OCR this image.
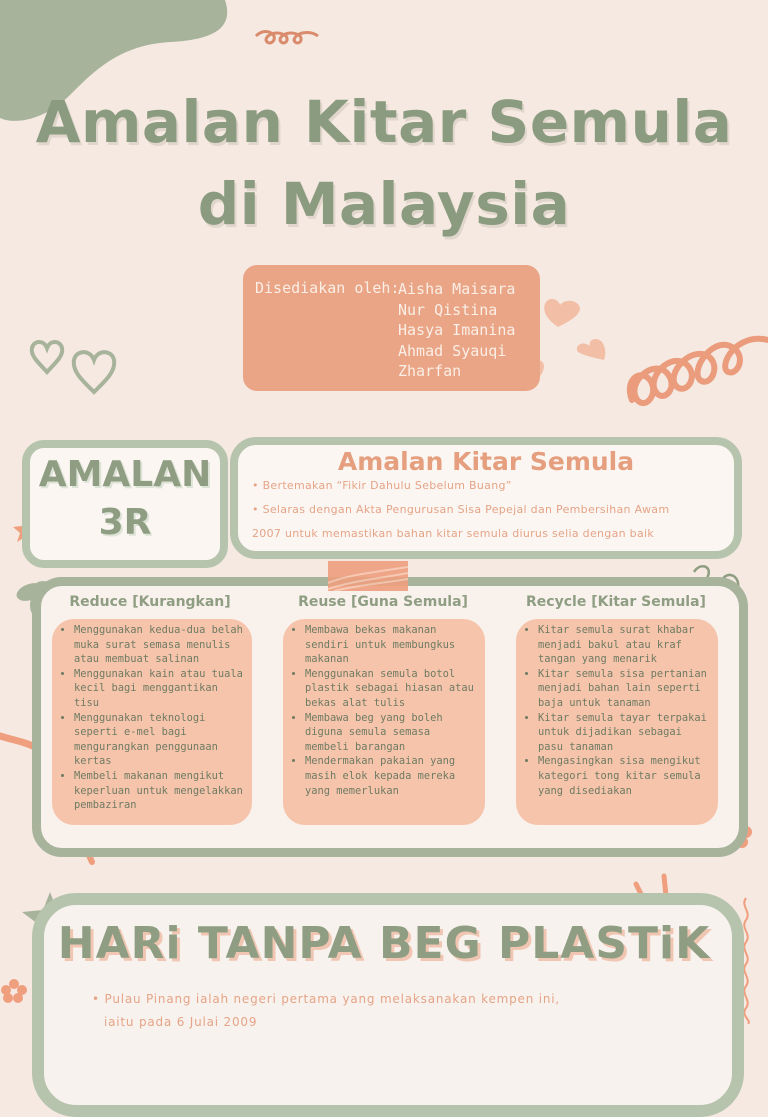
Amalan Kitar Semula
di Malaysia
Disediakan oleh:
Aisha Maisara
Nur Qistina
Hasya Imanina
Ahmad Syauqi
Zharfan
AMALAN
3R
Amalan Kitar Semula
• Bertemakan “Fikir Dahulu Sebelum Buang”
• Selaras dengan Akta Pengurusan Sisa Pepejal dan Pembersihan Awam
2007 untuk memastikan bahan kitar semula diurus selia dengan baik
Reduce [Kurangkan]	Reuse [Guna Semula]	Recycle [Kitar Semula]
• Menggunakan kedua-dua belah muka surat semasa menulis atau membuat salinan
• Menggunakan kain atau tuala kecil bagi menggantikan tisu
• Menggunakan teknologi seperti e-mel bagi mengurangkan penggunaan kertas
• Membeli makanan mengikut keperluan untuk mengelakkan pembaziran
• Membawa bekas makanan sendiri untuk membungkus makanan
• Menggunakan semula botol plastik sebagai hiasan atau bekas alat tulis
• Membawa beg yang boleh diguna semula semasa membeli barangan
• Mendermakan pakaian yang masih elok kepada mereka yang memerlukan
• Kitar semula surat khabar menjadi bakul atau kraf tangan yang menarik
• Kitar semula sisa pertanian menjadi bahan lain seperti baja untuk tanaman
• Kitar semula tayar terpakai untuk dijadikan sebagai pasu tanaman
• Mengasingkan sisa mengikut kategori tong kitar semula yang disediakan
HARi TANPA BEG PLASTiK
• Pulau Pinang ialah negeri pertama yang melaksanakan kempen ini,
iaitu pada 6 Julai 2009
